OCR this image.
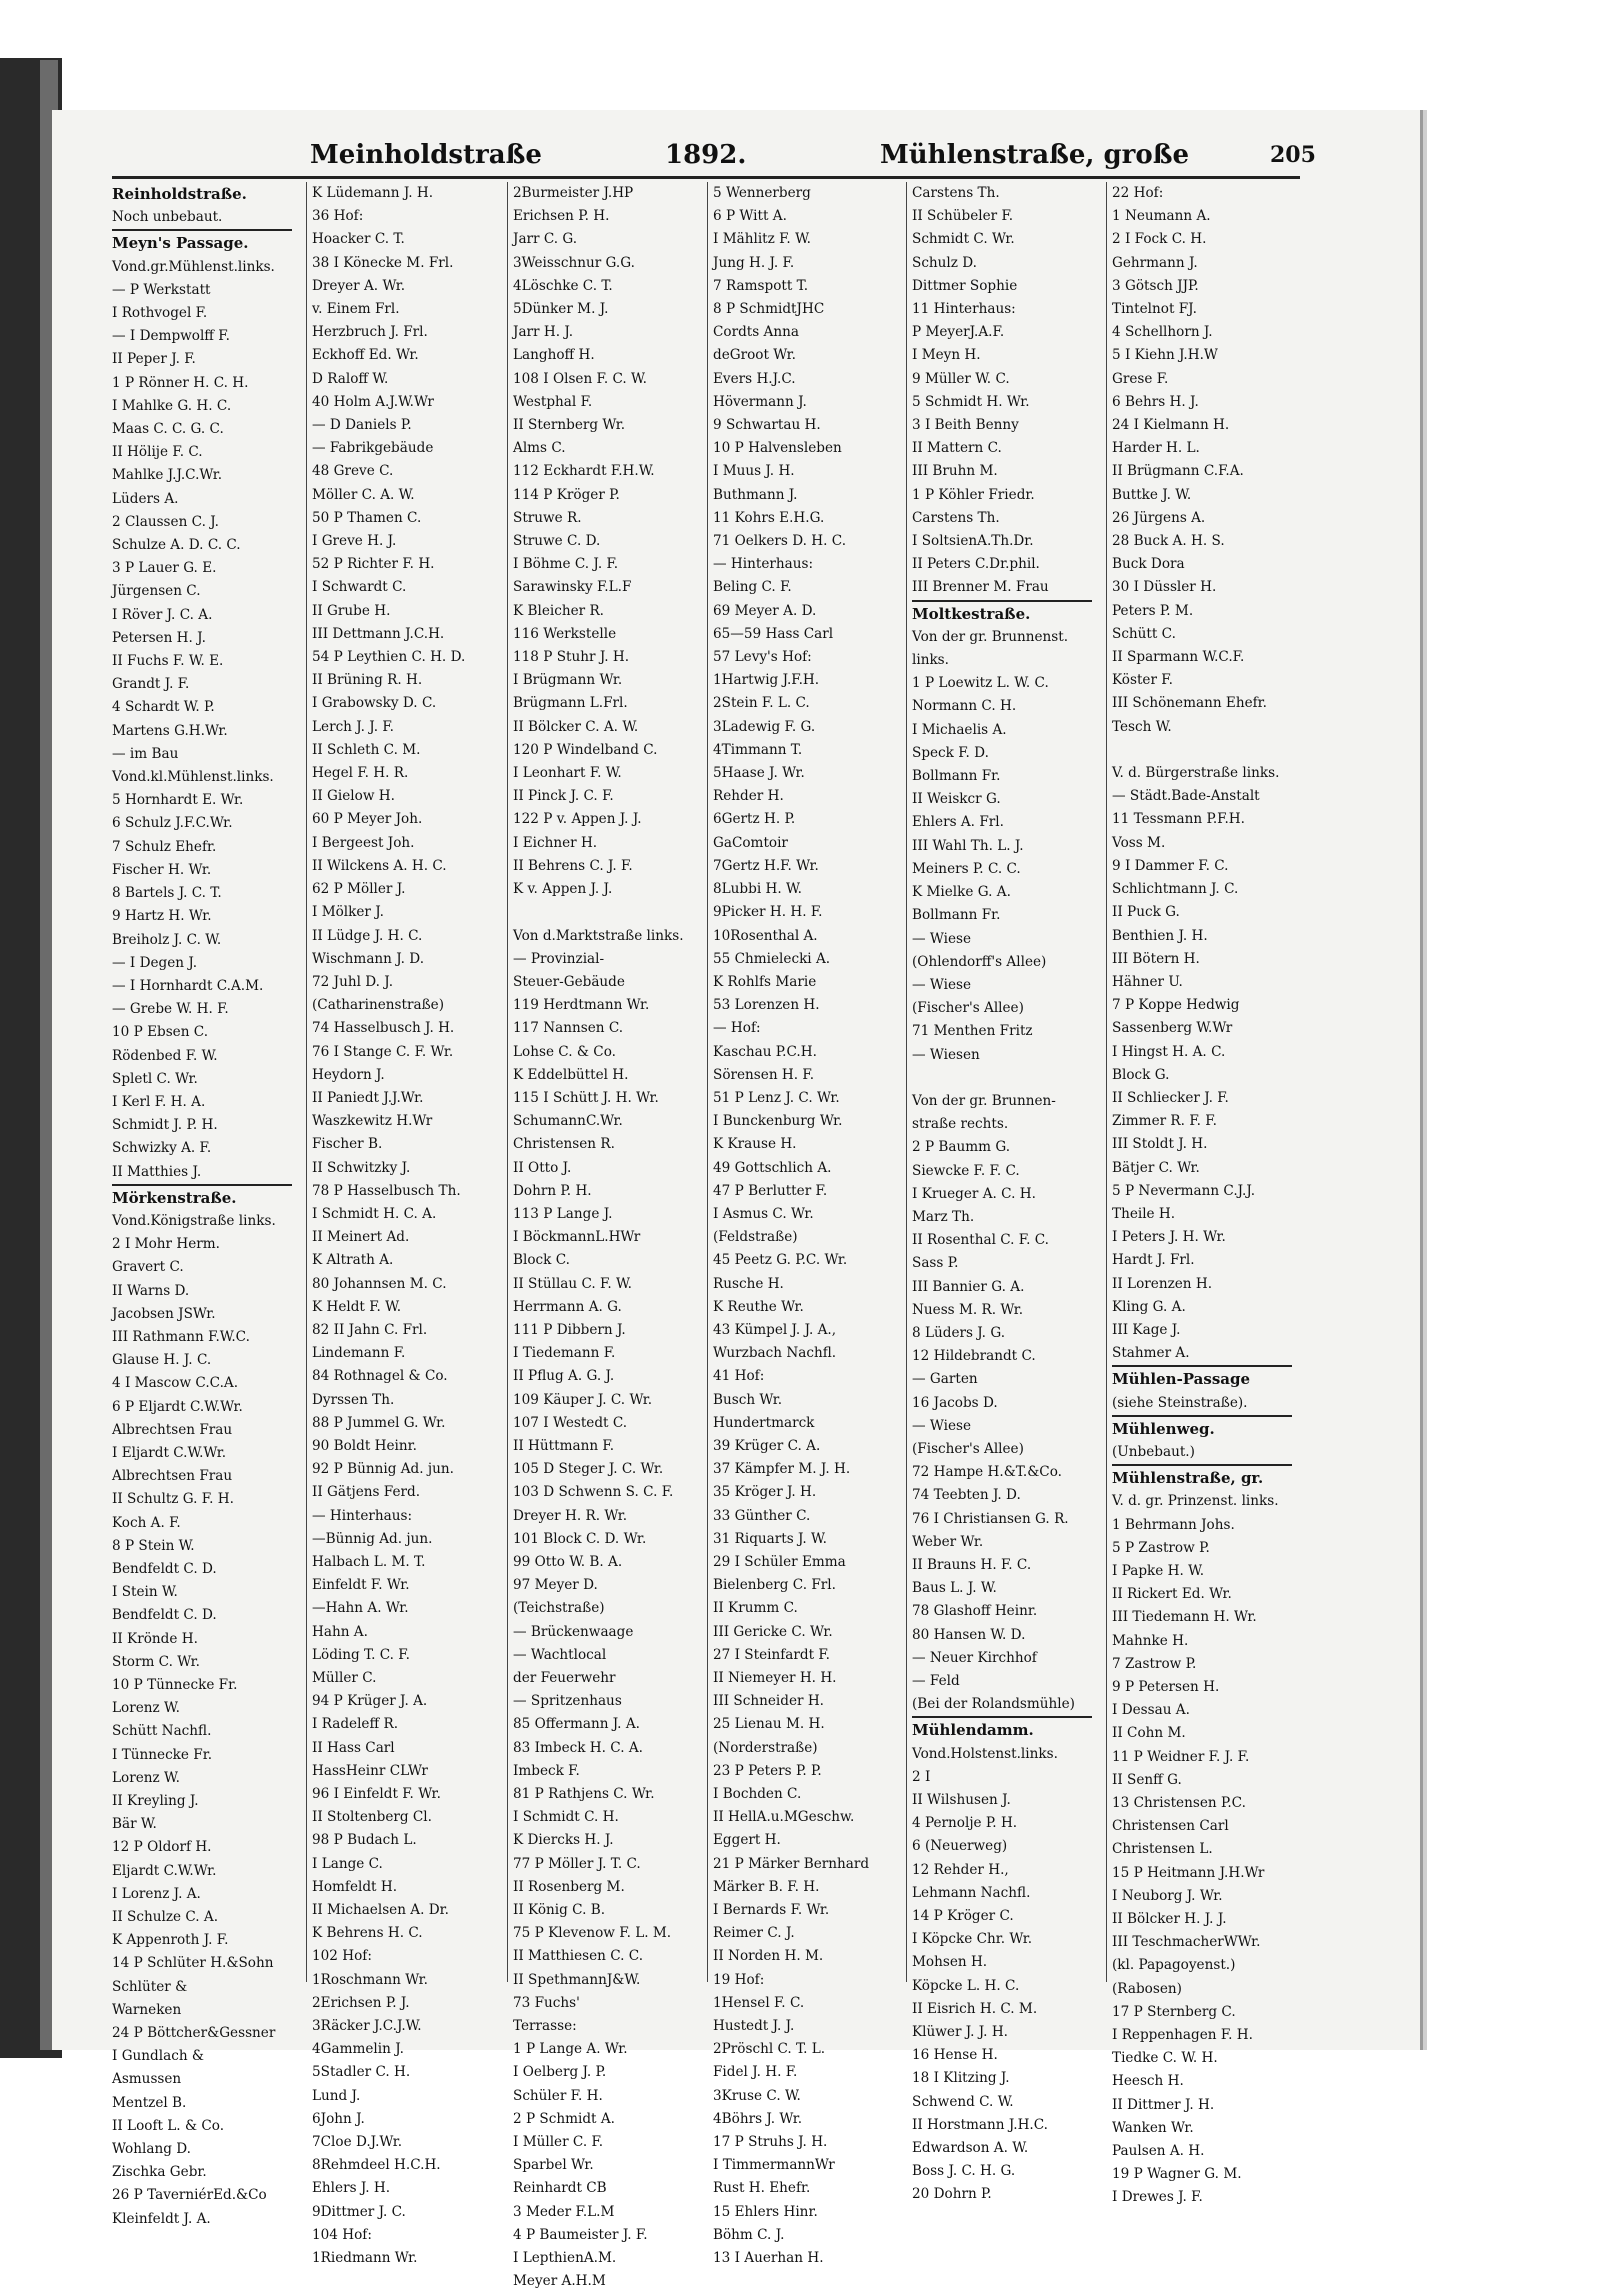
Meinholdstraße	1892.	Mühlenstraße, große	205
Reinholdstraße.
Noch unbebaut.
Meyn's Passage.
Vond.gr.Mühlenst.links.
— P Werkstatt
I Rothvogel F.
— I Dempwolff F.
II Peper J. F.
1 P Rönner H. C. H.
I Mahlke G. H. C.
Maas C. C. G. C.
II Hölije F. C.
Mahlke J.J.C.Wr.
Lüders A.
2 Claussen C. J.
Schulze A. D. C. C.
3 P Lauer G. E.
Jürgensen C.
I Röver J. C. A.
Petersen H. J.
II Fuchs F. W. E.
Grandt J. F.
4 Schardt W. P.
Martens G.H.Wr.
— im Bau
Vond.kl.Mühlenst.links.
5 Hornhardt E. Wr.
6 Schulz J.F.C.Wr.
7 Schulz Ehefr.
Fischer H. Wr.
8 Bartels J. C. T.
9 Hartz H. Wr.
Breiholz J. C. W.
— I Degen J.
— I Hornhardt C.A.M.
— Grebe W. H. F.
10 P Ebsen C.
Rödenbed F. W.
Spletl C. Wr.
I Kerl F. H. A.
Schmidt J. P. H.
Schwizky A. F.
II Matthies J.
Mörkenstraße.
Vond.Königstraße links.
2 I Mohr Herm.
Gravert C.
II Warns D.
Jacobsen JSWr.
III Rathmann F.W.C.
Glause H. J. C.
4 I Mascow C.C.A.
6 P Eljardt C.W.Wr.
Albrechtsen Frau
I Eljardt C.W.Wr.
Albrechtsen Frau
II Schultz G. F. H.
Koch A. F.
8 P Stein W.
Bendfeldt C. D.
I Stein W.
Bendfeldt C. D.
II Krönde H.
Storm C. Wr.
10 P Tünnecke Fr.
Lorenz W.
Schütt Nachfl.
I Tünnecke Fr.
Lorenz W.
II Kreyling J.
Bär W.
12 P Oldorf H.
Eljardt C.W.Wr.
I Lorenz J. A.
II Schulze C. A.
K Appenroth J. F.
14 P Schlüter H.&Sohn
Schlüter &
Warneken
24 P Böttcher&Gessner
I Gundlach &
Asmussen
Mentzel B.
II Looft L. & Co.
Wohlang D.
Zischka Gebr.
26 P TaverniérEd.&Co
Kleinfeldt J. A.
K Lüdemann J. H.
36 Hof:
Hoacker C. T.
38 I Könecke M. Frl.
Dreyer A. Wr.
v. Einem Frl.
Herzbruch J. Frl.
Eckhoff Ed. Wr.
D Raloff W.
40 Holm A.J.W.Wr
— D Daniels P.
— Fabrikgebäude
48 Greve C.
Möller C. A. W.
50 P Thamen C.
I Greve H. J.
52 P Richter F. H.
I Schwardt C.
II Grube H.
III Dettmann J.C.H.
54 P Leythien C. H. D.
II Brüning R. H.
I Grabowsky D. C.
Lerch J. J. F.
II Schleth C. M.
Hegel F. H. R.
II Gielow H.
60 P Meyer Joh.
I Bergeest Joh.
II Wilckens A. H. C.
62 P Möller J.
I Mölker J.
II Lüdge J. H. C.
Wischmann J. D.
72 Juhl D. J.
(Catharinenstraße)
74 Hasselbusch J. H.
76 I Stange C. F. Wr.
Heydorn J.
II Paniedt J.J.Wr.
Waszkewitz H.Wr
Fischer B.
II Schwitzky J.
78 P Hasselbusch Th.
I Schmidt H. C. A.
II Meinert Ad.
K Altrath A.
80 Johannsen M. C.
K Heldt F. W.
82 II Jahn C. Frl.
Lindemann F.
84 Rothnagel & Co.
Dyrssen Th.
88 P Jummel G. Wr.
90 Boldt Heinr.
92 P Bünnig Ad. jun.
II Gätjens Ferd.
— Hinterhaus:
—Bünnig Ad. jun.
Halbach L. M. T.
Einfeldt F. Wr.
—Hahn A. Wr.
Hahn A.
Löding T. C. F.
Müller C.
94 P Krüger J. A.
I Radeleff R.
II Hass Carl
HassHeinr CLWr
96 I Einfeldt F. Wr.
II Stoltenberg Cl.
98 P Budach L.
I Lange C.
Homfeldt H.
II Michaelsen A. Dr.
K Behrens H. C.
102 Hof:
1Roschmann Wr.
2Erichsen P. J.
3Räcker J.C.J.W.
4Gammelin J.
5Stadler C. H.
Lund J.
6John J.
7Cloe D.J.Wr.
8Rehmdeel H.C.H.
Ehlers J. H.
9Dittmer J. C.
104 Hof:
1Riedmann Wr.
2Burmeister J.HP
Erichsen P. H.
Jarr C. G.
3Weisschnur G.G.
4Löschke C. T.
5Dünker M. J.
Jarr H. J.
Langhoff H.
108 I Olsen F. C. W.
Westphal F.
II Sternberg Wr.
Alms C.
112 Eckhardt F.H.W.
114 P Kröger P.
Struwe R.
Struwe C. D.
I Böhme C. J. F.
Sarawinsky F.L.F
K Bleicher R.
116 Werkstelle
118 P Stuhr J. H.
I Brügmann Wr.
Brügmann L.Frl.
II Bölcker C. A. W.
120 P Windelband C.
I Leonhart F. W.
II Pinck J. C. F.
122 P v. Appen J. J.
I Eichner H.
II Behrens C. J. F.
K v. Appen J. J.

Von d.Marktstraße links.
— Provinzial-
Steuer-Gebäude
119 Herdtmann Wr.
117 Nannsen C.
Lohse C. & Co.
K Eddelbüttel H.
115 I Schütt J. H. Wr.
SchumannC.Wr.
Christensen R.
II Otto J.
Dohrn P. H.
113 P Lange J.
I BöckmannL.HWr
Block C.
II Stüllau C. F. W.
Herrmann A. G.
111 P Dibbern J.
I Tiedemann F.
II Pflug A. G. J.
109 Käuper J. C. Wr.
107 I Westedt C.
II Hüttmann F.
105 D Steger J. C. Wr.
103 D Schwenn S. C. F.
Dreyer H. R. Wr.
101 Block C. D. Wr.
99 Otto W. B. A.
97 Meyer D.
(Teichstraße)
— Brückenwaage
— Wachtlocal
der Feuerwehr
— Spritzenhaus
85 Offermann J. A.
83 Imbeck H. C. A.
Imbeck F.
81 P Rathjens C. Wr.
I Schmidt C. H.
K Diercks H. J.
77 P Möller J. T. C.
II Rosenberg M.
II König C. B.
75 P Klevenow F. L. M.
II Matthiesen C. C.
II SpethmannJ&W.
73 Fuchs'
Terrasse:
1 P Lange A. Wr.
I Oelberg J. P.
Schüler F. H.
2 P Schmidt A.
I Müller C. F.
Sparbel Wr.
Reinhardt CB
3 Meder F.L.M
4 P Baumeister J. F.
I LepthienA.M.
Meyer A.H.M
5 Wennerberg
6 P Witt A.
I Mählitz F. W.
Jung H. J. F.
7 Ramspott T.
8 P SchmidtJHC
Cordts Anna
deGroot Wr.
Evers H.J.C.
Hövermann J.
9 Schwartau H.
10 P Halvensleben
I Muus J. H.
Buthmann J.
11 Kohrs E.H.G.
71 Oelkers D. H. C.
— Hinterhaus:
Beling C. F.
69 Meyer A. D.
65—59 Hass Carl
57 Levy's Hof:
1Hartwig J.F.H.
2Stein F. L. C.
3Ladewig F. G.
4Timmann T.
5Haase J. Wr.
Rehder H.
6Gertz H. P.
GaComtoir
7Gertz H.F. Wr.
8Lubbi H. W.
9Picker H. H. F.
10Rosenthal A.
55 Chmielecki A.
K Rohlfs Marie
53 Lorenzen H.
— Hof:
Kaschau P.C.H.
Sörensen H. F.
51 P Lenz J. C. Wr.
I Bunckenburg Wr.
K Krause H.
49 Gottschlich A.
47 P Berlutter F.
I Asmus C. Wr.
(Feldstraße)
45 Peetz G. P.C. Wr.
Rusche H.
K Reuthe Wr.
43 Kümpel J. J. A.,
Wurzbach Nachfl.
41 Hof:
Busch Wr.
Hundertmarck
39 Krüger C. A.
37 Kämpfer M. J. H.
35 Kröger J. H.
33 Günther C.
31 Riquarts J. W.
29 I Schüler Emma
Bielenberg C. Frl.
II Krumm C.
III Gericke C. Wr.
27 I Steinfardt F.
II Niemeyer H. H.
III Schneider H.
25 Lienau M. H.
(Norderstraße)
23 P Peters P. P.
I Bochden C.
II HellA.u.MGeschw.
Eggert H.
21 P Märker Bernhard
Märker B. F. H.
I Bernards F. Wr.
Reimer C. J.
II Norden H. M.
19 Hof:
1Hensel F. C.
Hustedt J. J.
2Pröschl C. T. L.
Fidel J. H. F.
3Kruse C. W.
4Böhrs J. Wr.
17 P Struhs J. H.
I TimmermannWr
Rust H. Ehefr.
15 Ehlers Hinr.
Böhm C. J.
13 I Auerhan H.
Carstens Th.
II Schübeler F.
Schmidt C. Wr.
Schulz D.
Dittmer Sophie
11 Hinterhaus:
P MeyerJ.A.F.
I Meyn H.
9 Müller W. C.
5 Schmidt H. Wr.
3 I Beith Benny
II Mattern C.
III Bruhn M.
1 P Köhler Friedr.
Carstens Th.
I SoltsienA.Th.Dr.
II Peters C.Dr.phil.
III Brenner M. Frau
Moltkestraße.
Von der gr. Brunnenst.
links.
1 P Loewitz L. W. C.
Normann C. H.
I Michaelis A.
Speck F. D.
Bollmann Fr.
II Weiskcr G.
Ehlers A. Frl.
III Wahl Th. L. J.
Meiners P. C. C.
K Mielke G. A.
Bollmann Fr.
— Wiese
(Ohlendorff's Allee)
— Wiese
(Fischer's Allee)
71 Menthen Fritz
— Wiesen

Von der gr. Brunnen-
straße rechts.
2 P Baumm G.
Siewcke F. F. C.
I Krueger A. C. H.
Marz Th.
II Rosenthal C. F. C.
Sass P.
III Bannier G. A.
Nuess M. R. Wr.
8 Lüders J. G.
12 Hildebrandt C.
— Garten
16 Jacobs D.
— Wiese
(Fischer's Allee)
72 Hampe H.&T.&Co.
74 Teebten J. D.
76 I Christiansen G. R.
Weber Wr.
II Brauns H. F. C.
Baus L. J. W.
78 Glashoff Heinr.
80 Hansen W. D.
— Neuer Kirchhof
— Feld
(Bei der Rolandsmühle)
Mühlendamm.
Vond.Holstenst.links.
2 I
II Wilshusen J.
4 Pernolje P. H.
6 (Neuerweg)
12 Rehder H.,
Lehmann Nachfl.
14 P Kröger C.
I Köpcke Chr. Wr.
Mohsen H.
Köpcke L. H. C.
II Eisrich H. C. M.
Klüwer J. J. H.
16 Hense H.
18 I Klitzing J.
Schwend C. W.
II Horstmann J.H.C.
Edwardson A. W.
Boss J. C. H. G.
20 Dohrn P.
22 Hof:
1 Neumann A.
2 I Fock C. H.
Gehrmann J.
3 Götsch JJP.
Tintelnot FJ.
4 Schellhorn J.
5 I Kiehn J.H.W
Grese F.
6 Behrs H. J.
24 I Kielmann H.
Harder H. L.
II Brügmann C.F.A.
Buttke J. W.
26 Jürgens A.
28 Buck A. H. S.
Buck Dora
30 I Düssler H.
Peters P. M.
Schütt C.
II Sparmann W.C.F.
Köster F.
III Schönemann Ehefr.
Tesch W.

V. d. Bürgerstraße links.
— Städt.Bade-Anstalt
11 Tessmann P.F.H.
Voss M.
9 I Dammer F. C.
Schlichtmann J. C.
II Puck G.
Benthien J. H.
III Bötern H.
Hähner U.
7 P Koppe Hedwig
Sassenberg W.Wr
I Hingst H. A. C.
Block G.
II Schliecker J. F.
Zimmer R. F. F.
III Stoldt J. H.
Bätjer C. Wr.
5 P Nevermann C.J.J.
Theile H.
I Peters J. H. Wr.
Hardt J. Frl.
II Lorenzen H.
Kling G. A.
III Kage J.
Stahmer A.
Mühlen-Passage
(siehe Steinstraße).
Mühlenweg.
(Unbebaut.)
Mühlenstraße, gr.
V. d. gr. Prinzenst. links.
1 Behrmann Johs.
5 P Zastrow P.
I Papke H. W.
II Rickert Ed. Wr.
III Tiedemann H. Wr.
Mahnke H.
7 Zastrow P.
9 P Petersen H.
I Dessau A.
II Cohn M.
11 P Weidner F. J. F.
II Senff G.
13 Christensen P.C.
Christensen Carl
Christensen L.
15 P Heitmann J.H.Wr
I Neuborg J. Wr.
II Bölcker H. J. J.
III TeschmacherWWr.
(kl. Papagoyenst.)
(Rabosen)
17 P Sternberg C.
I Reppenhagen F. H.
Tiedke C. W. H.
Heesch H.
II Dittmer J. H.
Wanken Wr.
Paulsen A. H.
19 P Wagner G. M.
I Drewes J. F.
